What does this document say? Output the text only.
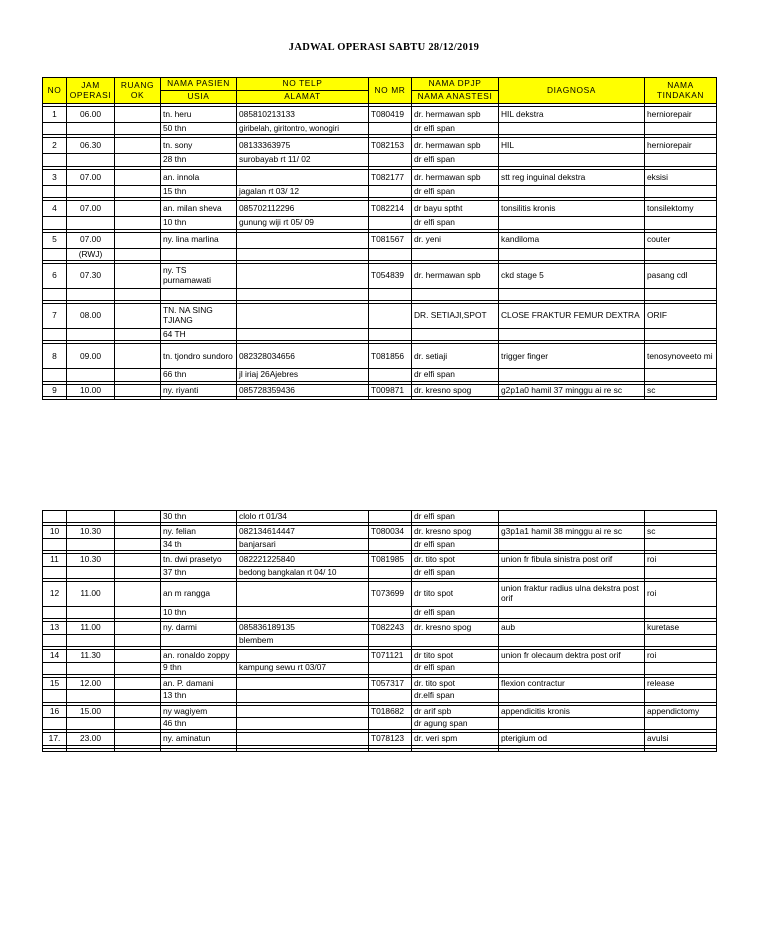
JADWAL OPERASI SABTU 28/12/2019
NO	JAM OPERASI	RUANG OK	NAMA PASIEN	NO TELP	NO MR	NAMA DPJP	DIAGNOSA	NAMA TINDAKAN
			USIA	ALAMAT		NAMA ANASTESI		

1	06.00		tn. heru	085810213133	T080419	dr. hermawan spb	HIL dekstra	herniorepair
			50 thn	giribelah, giritontro, wonogiri		dr elfi span		

2	06.30		tn. sony	08133363975	T082153	dr. hermawan spb	HIL	herniorepair
			28 thn	surobayab rt 11/ 02		dr elfi span		

3	07.00		an. innola		T082177	dr. hermawan spb	stt reg inguinal dekstra	eksisi
			15 thn	jagalan rt 03/ 12		dr elfi span		

4	07.00		an. milan sheva	085702112296	T082214	dr bayu sptht	tonsilitis kronis	tonsilektomy
			10 thn	gunung wiji rt 05/ 09		dr elfi span		

5	07.00		ny. lina marlina		T081567	dr. yeni	kandiloma	couter
	(RWJ)							

6	07.30		ny. TS purnamawati		T054839	dr. hermawan spb	ckd stage 5	pasang cdl

7	08.00		TN. NA SING TJIANG			DR. SETIAJI,SPOT	CLOSE FRAKTUR FEMUR DEXTRA	ORIF
			64 TH					

8	09.00		tn. tjondro sundoro	082328034656	T081856	dr. setiaji	trigger finger	tenosynoveeto mi
			66 thn	jl iriaj 26Ajebres		dr elfi span		

9	10.00		ny. riyanti	085728359436	T009871	dr. kresno spog	g2p1a0 hamil 37 minggu ai re sc	sc

			30 thn	clolo rt 01/34		dr elfi span		

10	10.30		ny. felian	082134614447	T080034	dr. kresno spog	g3p1a1 hamil 38 minggu ai re sc	sc
			34 th	banjarsari		dr elfi span		

11	10.30		tn. dwi prasetyo	082221225840	T081985	dr. tito spot	union fr fibula sinistra post orif	roi
			37 thn	bedong bangkalan rt 04/ 10		dr elfi span		

12	11.00		an m rangga		T073699	dr tito spot	union fraktur radius ulna dekstra post orif	roi
			10 thn			dr elfi span		

13	11.00		ny. darmi	085836189135	T082243	dr. kresno spog	aub	kuretase
				blembem				

14	11.30		an. ronaldo zoppy		T071121	dr tito spot	union fr olecaum dektra post orif	roi
			9 thn	kampung sewu rt 03/07		dr elfi span		

15	12.00		an. P. damani		T057317	dr. tito spot	flexion contractur	release
			13 thn			dr.elfi span		

16	15.00		ny wagiyem		T018682	dr arif spb	appendicitis kronis	appendictomy
			46 thn			dr agung span		

17.	23.00		ny. aminatun		T078123	dr. veri spm	pterigium od	avulsi
